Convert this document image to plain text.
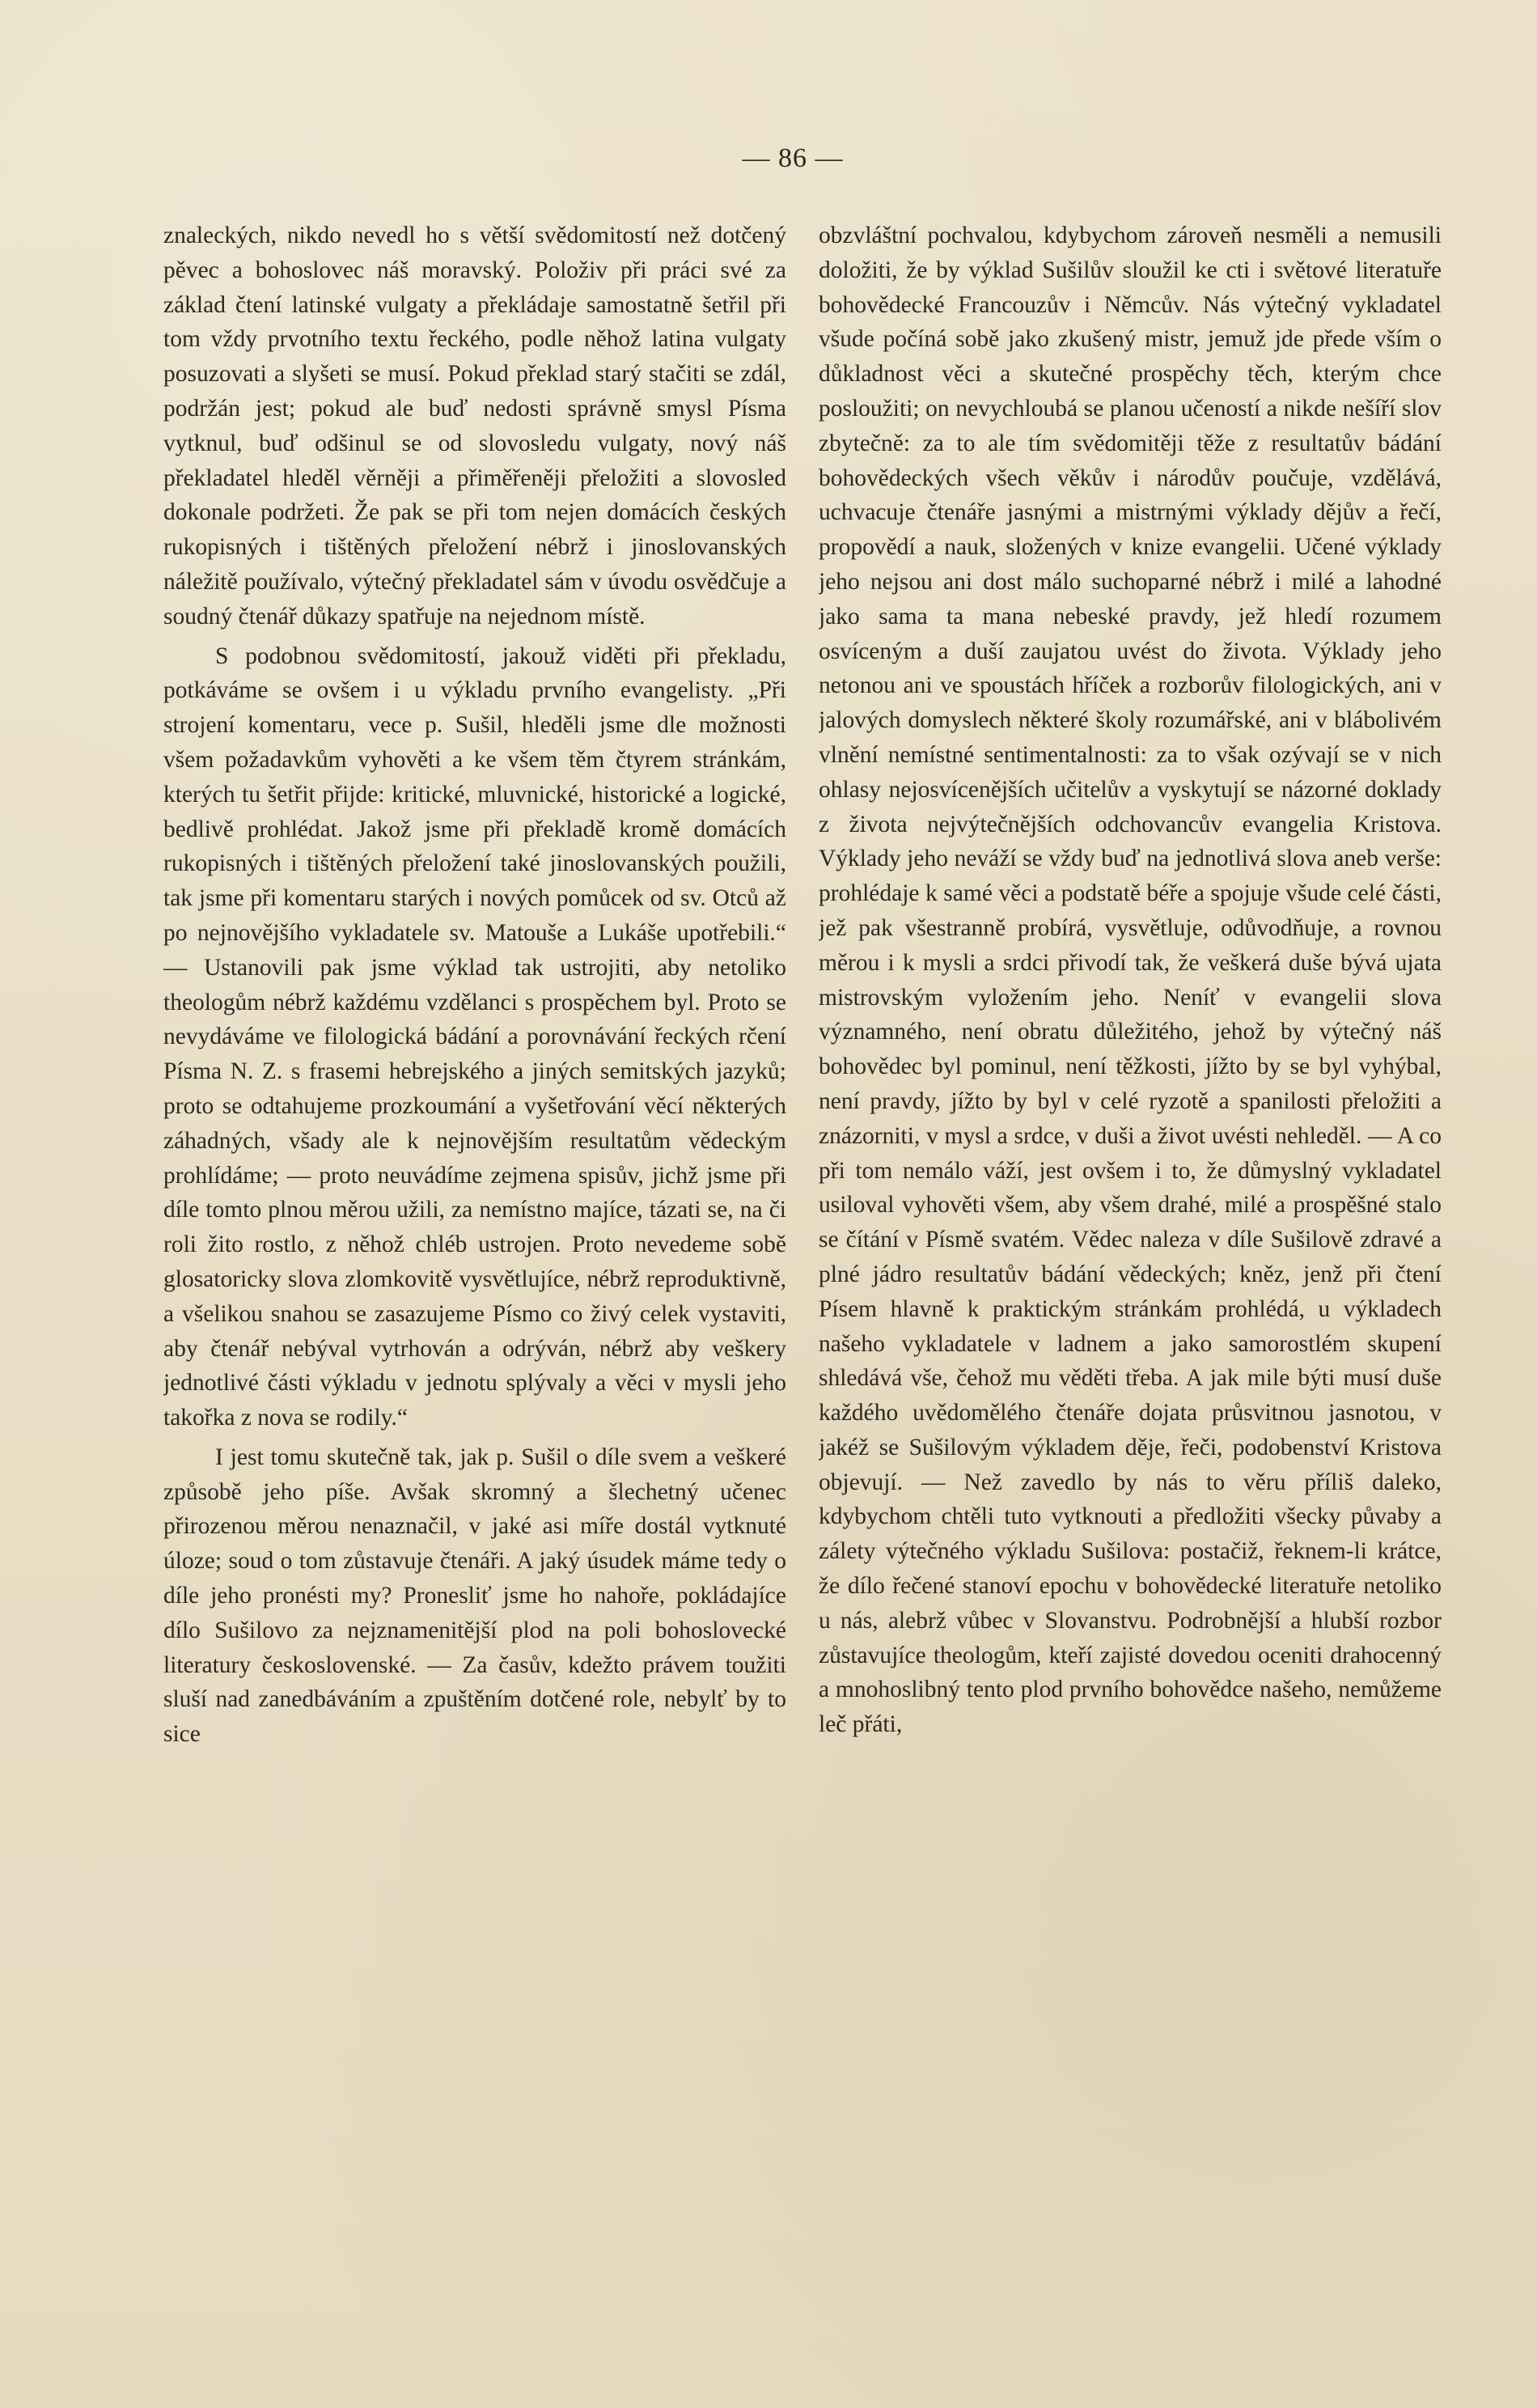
— 86 —

znaleckých, nikdo nevedl ho s větší svědomitostí než dotčený pěvec a bohoslovec náš moravský. Položiv při práci své za základ čtení latinské vulgaty a překládaje samostatně šetřil při tom vždy prvotního textu řeckého, podle něhož latina vulgaty posuzovati a slyšeti se musí. Pokud překlad starý stačiti se zdál, podržán jest; pokud ale buď nedosti správně smysl Písma vytknul, buď odšinul se od slovosledu vulgaty, nový náš překladatel hleděl věrněji a přiměřeněji přeložiti a slovosled dokonale podržeti. Že pak se při tom nejen domácích českých rukopisných i tištěných přeložení nébrž i jinoslovanských náležitě používalo, výtečný překladatel sám v úvodu osvědčuje a soudný čtenář důkazy spatřuje na nejednom místě.
S podobnou svědomitostí, jakouž viděti při překladu, potkáváme se ovšem i u výkladu prvního evangelisty. „Při strojení komentaru, vece p. Sušil, hleděli jsme dle možnosti všem požadavkům vyhověti a ke všem těm čtyrem stránkám, kterých tu šetřit přijde: kritické, mluvnické, historické a logické, bedlivě prohlédat. Jakož jsme při překladě kromě domácích rukopisných i tištěných přeložení také jinoslovanských použili, tak jsme při komentaru starých i nových pomůcek od sv. Otců až po nejnovějšího vykladatele sv. Matouše a Lukáše upotřebili.“ — Ustanovili pak jsme výklad tak ustrojiti, aby netoliko theologům nébrž každému vzdělanci s prospěchem byl. Proto se nevydáváme ve filologická bádání a porovnávání řeckých rčení Písma N. Z. s frasemi hebrejského a jiných semitských jazyků; proto se odtahujeme prozkoumání a vyšetřování věcí některých záhadných, všady ale k nejnovějším resultatům vědeckým prohlídáme; — proto neuvádíme zejmena spisův, jichž jsme při díle tomto plnou měrou užili, za nemístno majíce, tázati se, na či roli žito rostlo, z něhož chléb ustrojen. Proto nevedeme sobě glosatoricky slova zlomkovitě vysvětlujíce, nébrž reproduktivně, a všelikou snahou se zasazujeme Písmo co živý celek vystaviti, aby čtenář nebýval vytrhován a odrýván, nébrž aby veškery jednotlivé části výkladu v jednotu splývaly a věci v mysli jeho takořka z nova se rodily.“
I jest tomu skutečně tak, jak p. Sušil o díle svem a veškeré způsobě jeho píše. Avšak skromný a šlechetný učenec přirozenou měrou nenaznačil, v jaké asi míře dostál vytknuté úloze; soud o tom zůstavuje čtenáři. A jaký úsudek máme tedy o díle jeho pronésti my? Pronesliť jsme ho nahoře, pokládajíce dílo Sušilovo za nejznamenitější plod na poli bohoslovecké literatury československé. — Za časův, kdežto právem toužiti sluší nad zanedbáváním a zpuštěním dotčené role, nebylť by to sice

obzvláštní pochvalou, kdybychom zároveň nesměli a nemusili doložiti, že by výklad Sušilův sloužil ke cti i světové literatuře bohovědecké Francouzův i Němcův. Nás výtečný vykladatel všude počíná sobě jako zkušený mistr, jemuž jde přede vším o důkladnost věci a skutečné prospěchy těch, kterým chce posloužiti; on nevychloubá se planou učeností a nikde nešíří slov zbytečně: za to ale tím svědomitěji těže z resultatův bádání bohovědeckých všech věkův i národův poučuje, vzdělává, uchvacuje čtenáře jasnými a mistrnými výklady dějův a řečí, propovědí a nauk, složených v knize evangelii. Učené výklady jeho nejsou ani dost málo suchoparné nébrž i milé a lahodné jako sama ta mana nebeské pravdy, jež hledí rozumem osvíceným a duší zaujatou uvést do života. Výklady jeho netonou ani ve spoustách hříček a rozborův filologických, ani v jalových domyslech některé školy rozumářské, ani v blábolivém vlnění nemístné sentimentalnosti: za to však ozývají se v nich ohlasy nejosvícenějších učitelův a vyskytují se názorné doklady z života nejvýtečnějších odchovancův evangelia Kristova. Výklady jeho neváží se vždy buď na jednotlivá slova aneb verše: prohlédaje k samé věci a podstatě béře a spojuje všude celé části, jež pak všestranně probírá, vysvětluje, odůvodňuje, a rovnou měrou i k mysli a srdci přivodí tak, že veškerá duše bývá ujata mistrovským vyložením jeho. Neníť v evangelii slova významného, není obratu důležitého, jehož by výtečný náš bohovědec byl pominul, není těžkosti, jížto by se byl vyhýbal, není pravdy, jížto by byl v celé ryzotě a spanilosti přeložiti a znázorniti, v mysl a srdce, v duši a život uvésti nehleděl. — A co při tom nemálo váží, jest ovšem i to, že důmyslný vykladatel usiloval vyhověti všem, aby všem drahé, milé a prospěšné stalo se čítání v Písmě svatém. Vědec naleza v díle Sušilově zdravé a plné jádro resultatův bádání vědeckých; kněz, jenž při čtení Písem hlavně k praktickým stránkám prohlédá, u výkladech našeho vykladatele v ladnem a jako samorostlém skupení shledává vše, čehož mu věděti třeba. A jak mile býti musí duše každého uvědomělého čtenáře dojata průsvitnou jasnotou, v jakéž se Sušilovým výkladem děje, řeči, podobenství Kristova objevují. — Než zavedlo by nás to věru příliš daleko, kdybychom chtěli tuto vytknouti a předložiti všecky půvaby a zálety výtečného výkladu Sušilova: postačiž, řeknem-li krátce, že dílo řečené stanoví epochu v bohovědecké literatuře netoliko u nás, alebrž vůbec v Slovanstvu. Podrobnější a hlubší rozbor zůstavujíce theologům, kteří zajisté dovedou oceniti drahocenný a mnohoslibný tento plod prvního bohovědce našeho, nemůžeme leč přáti,
